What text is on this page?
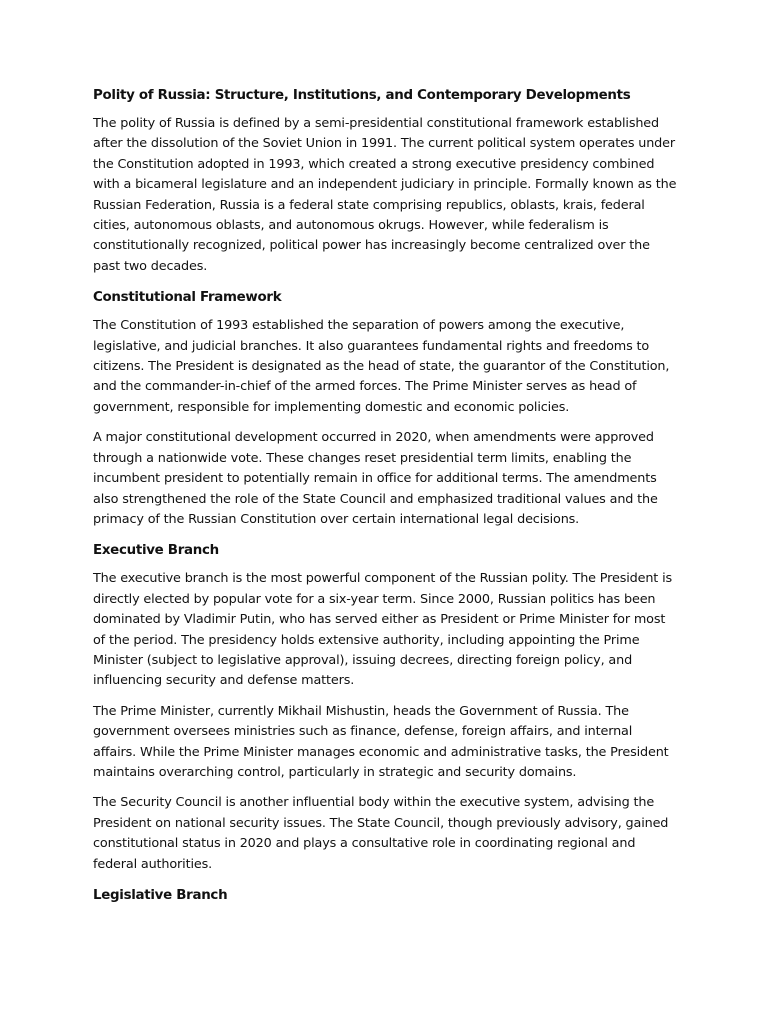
Polity of Russia: Structure, Institutions, and Contemporary Developments

The polity of Russia is defined by a semi-presidential constitutional framework established after the dissolution of the Soviet Union in 1991. The current political system operates under the Constitution adopted in 1993, which created a strong executive presidency combined with a bicameral legislature and an independent judiciary in principle. Formally known as the Russian Federation, Russia is a federal state comprising republics, oblasts, krais, federal cities, autonomous oblasts, and autonomous okrugs. However, while federalism is constitutionally recognized, political power has increasingly become centralized over the past two decades.

Constitutional Framework

The Constitution of 1993 established the separation of powers among the executive, legislative, and judicial branches. It also guarantees fundamental rights and freedoms to citizens. The President is designated as the head of state, the guarantor of the Constitution, and the commander-in-chief of the armed forces. The Prime Minister serves as head of government, responsible for implementing domestic and economic policies.

A major constitutional development occurred in 2020, when amendments were approved through a nationwide vote. These changes reset presidential term limits, enabling the incumbent president to potentially remain in office for additional terms. The amendments also strengthened the role of the State Council and emphasized traditional values and the primacy of the Russian Constitution over certain international legal decisions.

Executive Branch

The executive branch is the most powerful component of the Russian polity. The President is directly elected by popular vote for a six-year term. Since 2000, Russian politics has been dominated by Vladimir Putin, who has served either as President or Prime Minister for most of the period. The presidency holds extensive authority, including appointing the Prime Minister (subject to legislative approval), issuing decrees, directing foreign policy, and influencing security and defense matters.

The Prime Minister, currently Mikhail Mishustin, heads the Government of Russia. The government oversees ministries such as finance, defense, foreign affairs, and internal affairs. While the Prime Minister manages economic and administrative tasks, the President maintains overarching control, particularly in strategic and security domains.

The Security Council is another influential body within the executive system, advising the President on national security issues. The State Council, though previously advisory, gained constitutional status in 2020 and plays a consultative role in coordinating regional and federal authorities.

Legislative Branch
